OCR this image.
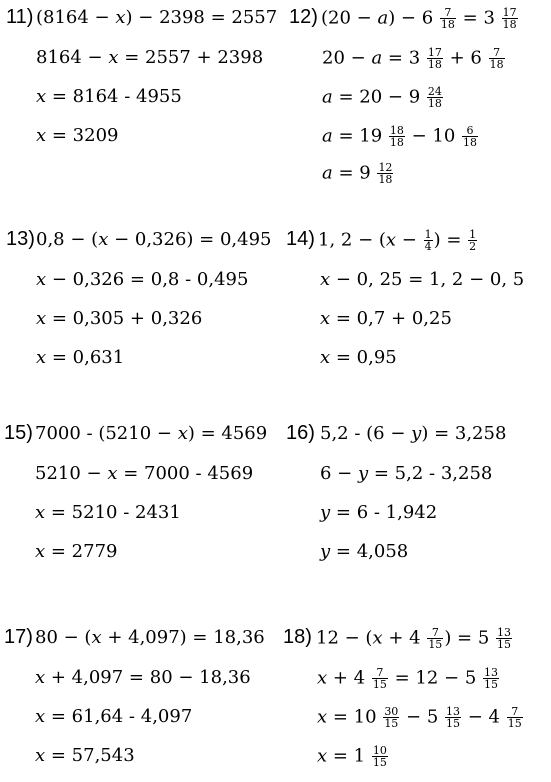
11) (8164 − x) − 2398 = 2557
8164 − x = 2557 + 2398
x = 8164 - 4955
x = 3209
12) $(20 - a) - 6 \frac{7}{18} = 3 \frac{17}{18}$
$20 - a = 3 \frac{17}{18} + 6 \frac{7}{18}$
$a = 20 - 9 \frac{24}{18}$
$a = 19 \frac{18}{18} - 10 \frac{6}{18}$
$a = 9 \frac{12}{18}$
13) 0,8 − (x − 0,326) = 0,495
x − 0,326 = 0,8 - 0,495
x = 0,305 + 0,326
x = 0,631
14) 1, $2 - (x - \frac{1}{4}$ ) = $\frac{1}{2}$
x − 0, 25 = 1, 2 − 0, 5
x = 0,7 + 0,25
x = 0,95
15) 7000 - (5210 − x) = 4569
5210 − x = 7000 - 4569
x = 5210 - 2431
x = 2779
16) 5,2 - (6 − y) = 3,258
6 − y = 5,2 - 3,258
y = 6 - 1,942
y = 4,058
17) 80 − (x + 4,097) = 18,36
x + 4,097 = 80 − 18,36
x = 61,64 - 4,097
x = 57,543
18) $12 - (x + 4 \frac{7}{15}$ ) = $5 \frac{13}{15}$
$x + 4 \frac{7}{15} = 12 - 5 \frac{13}{15}$
$x = 10 \frac{30}{15} - 5 \frac{13}{15} - 4 \frac{7}{15}$
$x = 1 \frac{10}{15}$
